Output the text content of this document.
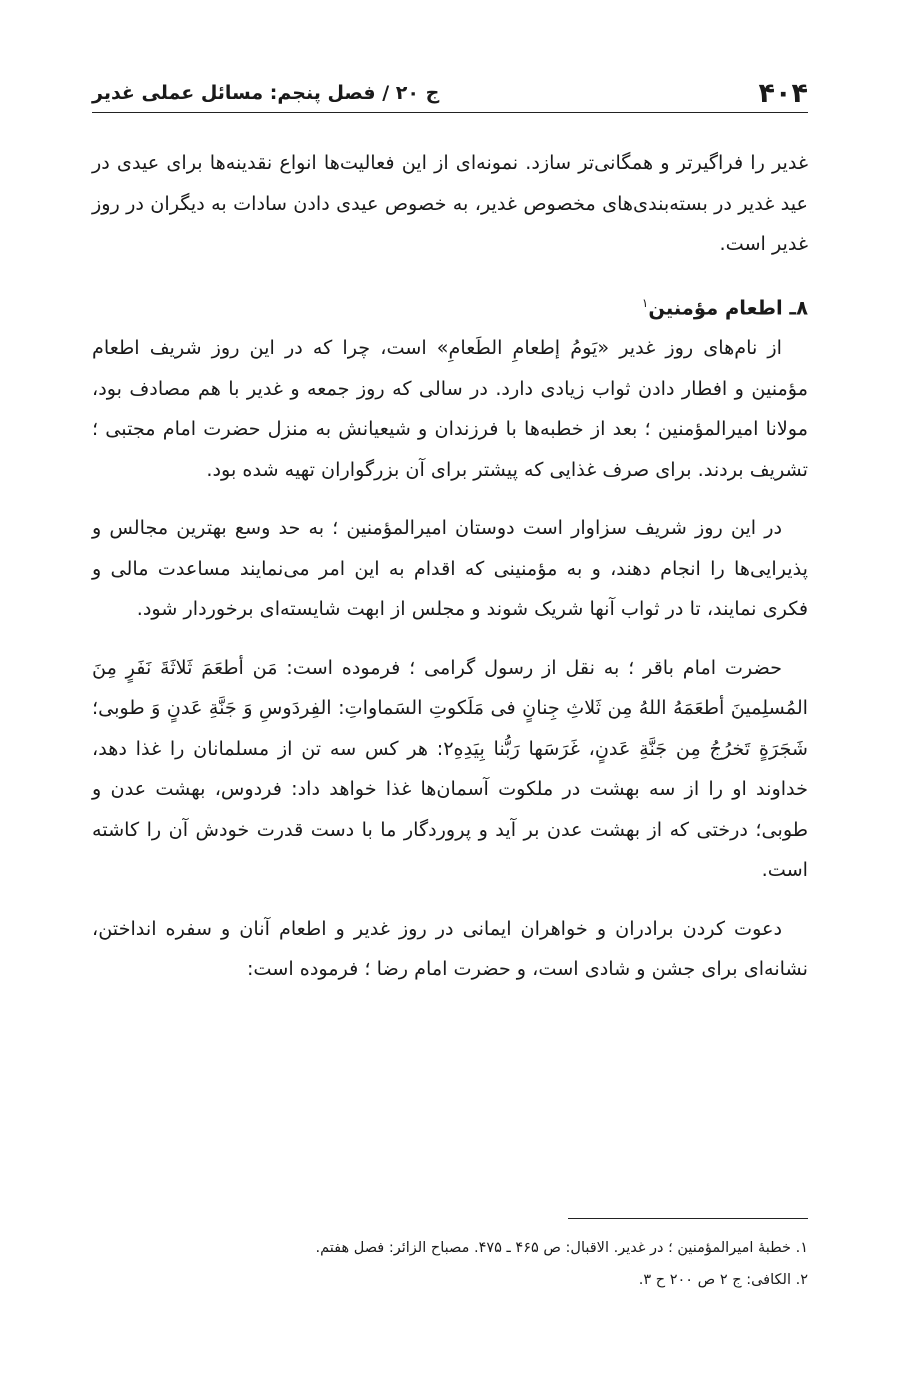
۴۰۴
ج ۲۰ / فصل پنجم: مسائل عملی غدیر

غدیر را فراگیرتر و همگانی‌تر سازد. نمونه‌ای از این فعالیت‌ها انواع نقدینه‌ها برای عیدی در عید غدیر در بسته‌بندی‌های مخصوص غدیر، به خصوص عیدی دادن سادات به دیگران در روز غدیر است.

۸ـ اطعام مؤمنین$^۱$

از نام‌های روز غدیر «یَومُ إطعامِ الطَعامِ» است، چرا که در این روز شریف اطعام مؤمنین و افطار دادن ثواب زیادی دارد. در سالی که روز جمعه و غدیر با هم مصادف بود، مولانا امیرالمؤمنین ؛ بعد از خطبه‌ها با فرزندان و شیعیانش به منزل حضرت امام مجتبی ؛ تشریف بردند. برای صرف غذایی که پیشتر برای آن بزرگواران تهیه شده بود.

در این روز شریف سزاوار است دوستان امیرالمؤمنین ؛ به حد وسع بهترین مجالس و پذیرایی‌ها را انجام دهند، و به مؤمنینی که اقدام به این امر می‌نمایند مساعدت مالی و فکری نمایند، تا در ثواب آنها شریک شوند و مجلس از ابهت شایسته‌ای برخوردار شود.

حضرت امام باقر ؛ به نقل از رسول گرامی ؛ فرموده است: مَن أطعَمَ ثَلاثَةَ نَفَرٍ مِنَ المُسلِمینَ أطعَمَهُ اللهُ مِن ثَلاثِ جِنانٍ فی مَلَکوتِ السَماواتِ: الفِردَوسِ وَ جَنَّةِ عَدنٍ وَ طوبی؛ شَجَرَةٍ تَخرُجُ مِن جَنَّةِ عَدنٍ، غَرَسَها رَبُّنا بِیَدِهِ۲: هر کس سه تن از مسلمانان را غذا دهد، خداوند او را از سه بهشت در ملکوت آسمان‌ها غذا خواهد داد: فردوس، بهشت عدن و طوبی؛ درختی که از بهشت عدن بر آید و پروردگار ما با دست قدرت خودش آن را کاشته است.

دعوت کردن برادران و خواهران ایمانی در روز غدیر و اطعام آنان و سفره انداختن، نشانه‌ای برای جشن و شادی است، و حضرت امام رضا ؛ فرموده است:

۱. خطبهٔ امیرالمؤمنین ؛ در غدیر. الاقبال: ص ۴۶۵ ـ ۴۷۵. مصباح الزائر: فصل هفتم.

۲. الکافی: ج ۲ ص ۲۰۰ ح ۳.
